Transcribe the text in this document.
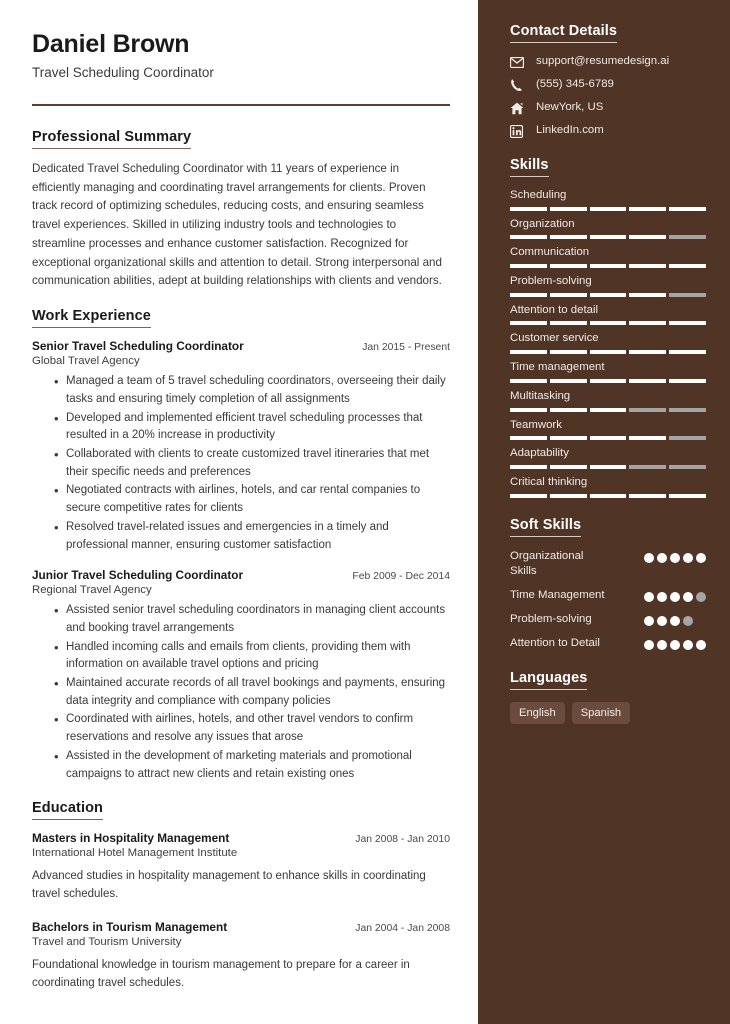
Daniel Brown
Travel Scheduling Coordinator
Professional Summary

Dedicated Travel Scheduling Coordinator with 11 years of experience in efficiently managing and coordinating travel arrangements for clients. Proven track record of optimizing schedules, reducing costs, and ensuring seamless travel experiences. Skilled in utilizing industry tools and technologies to streamline processes and enhance customer satisfaction. Recognized for exceptional organizational skills and attention to detail. Strong interpersonal and communication abilities, adept at building relationships with clients and vendors.

Work Experience
Senior Travel Scheduling Coordinator	Jan 2015 - Present
Global Travel Agency
• Managed a team of 5 travel scheduling coordinators, overseeing their daily tasks and ensuring timely completion of all assignments
• Developed and implemented efficient travel scheduling processes that resulted in a 20% increase in productivity
• Collaborated with clients to create customized travel itineraries that met their specific needs and preferences
• Negotiated contracts with airlines, hotels, and car rental companies to secure competitive rates for clients
• Resolved travel-related issues and emergencies in a timely and professional manner, ensuring customer satisfaction
Junior Travel Scheduling Coordinator	Feb 2009 - Dec 2014
Regional Travel Agency
• Assisted senior travel scheduling coordinators in managing client accounts and booking travel arrangements
• Handled incoming calls and emails from clients, providing them with information on available travel options and pricing
• Maintained accurate records of all travel bookings and payments, ensuring data integrity and compliance with company policies
• Coordinated with airlines, hotels, and other travel vendors to confirm reservations and resolve any issues that arose
• Assisted in the development of marketing materials and promotional campaigns to attract new clients and retain existing ones
Education
Masters in Hospitality Management	Jan 2008 - Jan 2010
International Hotel Management Institute
Advanced studies in hospitality management to enhance skills in coordinating travel schedules.
Bachelors in Tourism Management	Jan 2004 - Jan 2008
Travel and Tourism University
Foundational knowledge in tourism management to prepare for a career in coordinating travel schedules.
Contact Details
support@resumedesign.ai
(555) 345-6789
NewYork, US
LinkedIn.com
Skills
Scheduling
Organization
Communication
Problem-solving
Attention to detail
Customer service
Time management
Multitasking
Teamwork
Adaptability
Critical thinking
Soft Skills
Organizational Skills
Time Management
Problem-solving
Attention to Detail
Languages
English	Spanish
